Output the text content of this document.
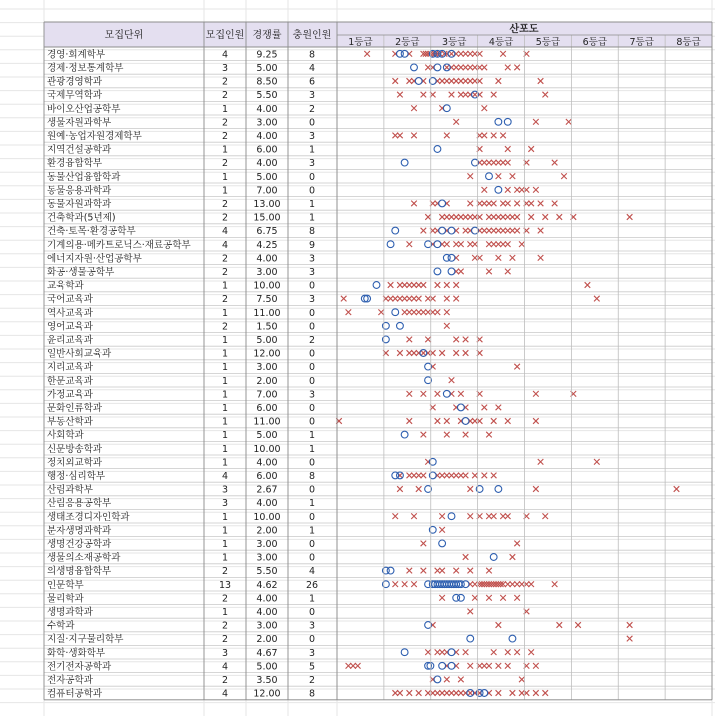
모집단위	모집인원 경쟁률 충원인원
산포도
1등급 2등급 3등급 4등급 5등급 6등급 7등급 8등급
경영·회계학부	4	9.25	8
경제·정보통계학부	3	5.00	4
관광경영학과	2	8.50	6
국제무역학과	2	5.50	3
바이오산업공학부	1	4.00	2
생물자원과학부	2	3.00	0
원예·농업자원경제학부	2	4.00	3
지역건설공학과	1	6.00	1
환경융합학부	2	4.00	3
동물산업융합학과	1	5.00	0
동물응용과학과	1	7.00	0
동물자원과학과	2	13.00	1
건축학과(5년제)	2	15.00	1
건축·토목·환경공학부	4	6.75	8
기계의용·메카트로닉스·재료공학부	4	4.25	9
에너지자원·산업공학부	2	4.00	3
화공·생물공학부	2	3.00	3
교육학과	1	10.00	0
국어교육과	2	7.50	3
역사교육과	1	11.00	0
영어교육과	2	1.50	0
윤리교육과	1	5.00	2
일반사회교육과	1	12.00	0
지리교육과	1	3.00	0
한문교육과	1	2.00	0
가정교육과	1	7.00	3
문화인류학과	1	6.00	0
부동산학과	1	11.00	0
사회학과	1	5.00	1
신문방송학과	1	10.00	1
정치외교학과	1	4.00	0
행정·심리학부	4	6.00	8
산림과학부	3	2.67	0
산림응용공학부	3	4.00	1
생태조경디자인학과	1	10.00	0
분자생명과학과	1	2.00	1
생명건강공학과	1	3.00	0
생물의소재공학과	1	3.00	0
의생명융합학부	2	5.50	4
인문학부	13	4.62	26
물리학과	2	4.00	1
생명과학과	1	4.00	0
수학과	2	3.00	3
지질·지구물리학부	2	2.00	0
화학·생화학부	3	4.67	3
전기전자공학과	4	5.00	5
전자공학과	2	3.50	2
컴퓨터공학과	4	12.00	8
